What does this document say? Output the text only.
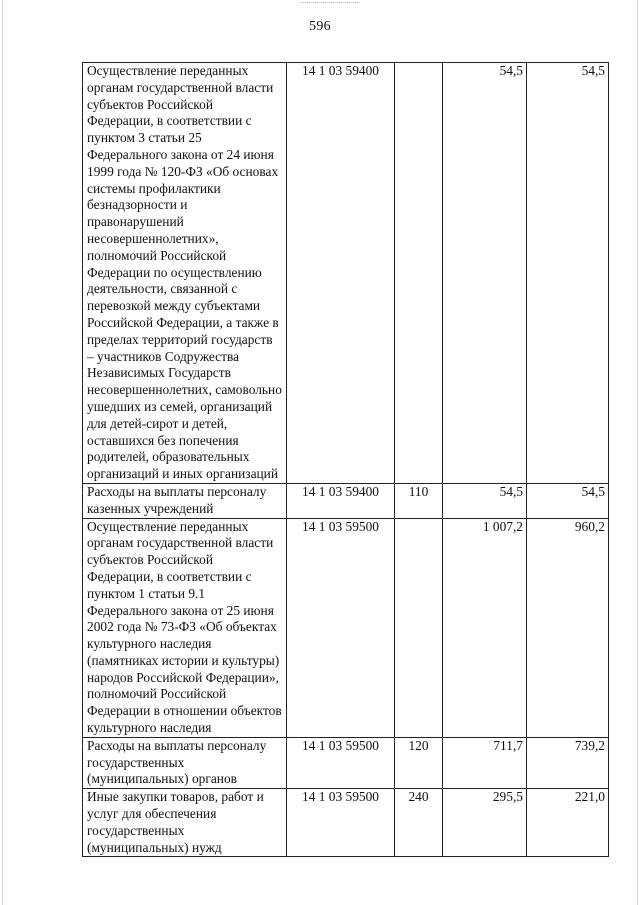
596
Осуществление переданных органам государственной власти субъектов Российской Федерации, в соответствии с пунктом 3 статьи 25 Федерального закона от 24 июня 1999 года № 120-ФЗ «Об основах системы профилактики безнадзорности и правонарушений несовершеннолетних», полномочий Российской Федерации по осуществлению деятельности, связанной с перевозкой между субъектами Российской Федерации, а также в пределах территорий государств – участников Содружества Независимых Государств несовершеннолетних, самовольно ушедших из семей, организаций для детей-сирот и детей, оставшихся без попечения родителей, образовательных организаций и иных организаций	14 1 03 59400		54,5	54,5
Расходы на выплаты персоналу казенных учреждений	14 1 03 59400	110	54,5	54,5
Осуществление переданных органам государственной власти субъектов Российской Федерации, в соответствии с пунктом 1 статьи 9.1 Федерального закона от 25 июня 2002 года № 73-ФЗ «Об объектах культурного наследия (памятниках истории и культуры) народов Российской Федерации», полномочий Российской Федерации в отношении объектов культурного наследия	14 1 03 59500		1 007,2	960,2
Расходы на выплаты персоналу государственных (муниципальных) органов	14 1 03 59500	120	711,7	739,2
Иные закупки товаров, работ и услуг для обеспечения государственных (муниципальных) нужд	14 1 03 59500	240	295,5	221,0
